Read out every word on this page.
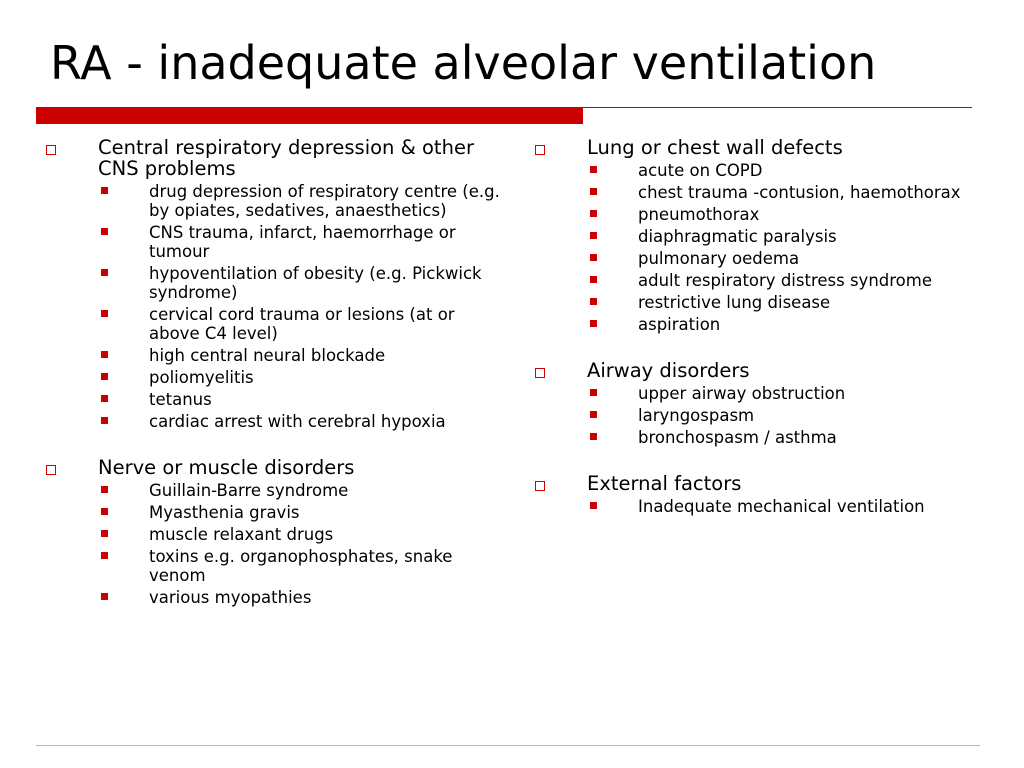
RA - inadequate alveolar ventilation
Central respiratory depression & other CNS problems
drug depression of respiratory centre (e.g. by opiates, sedatives, anaesthetics)
CNS trauma, infarct, haemorrhage or tumour
hypoventilation of obesity (e.g. Pickwick syndrome)
cervical cord trauma or lesions (at or above C4 level)
high central neural blockade
poliomyelitis
tetanus
cardiac arrest with cerebral hypoxia
Nerve or muscle disorders
Guillain-Barre syndrome
Myasthenia gravis
muscle relaxant drugs
toxins e.g. organophosphates, snake venom
various myopathies
Lung or chest wall defects
acute on COPD
chest trauma -contusion, haemothorax
pneumothorax
diaphragmatic paralysis
pulmonary oedema
adult respiratory distress syndrome
restrictive lung disease
aspiration
Airway disorders
upper airway obstruction
laryngospasm
bronchospasm / asthma
External factors
Inadequate mechanical ventilation
